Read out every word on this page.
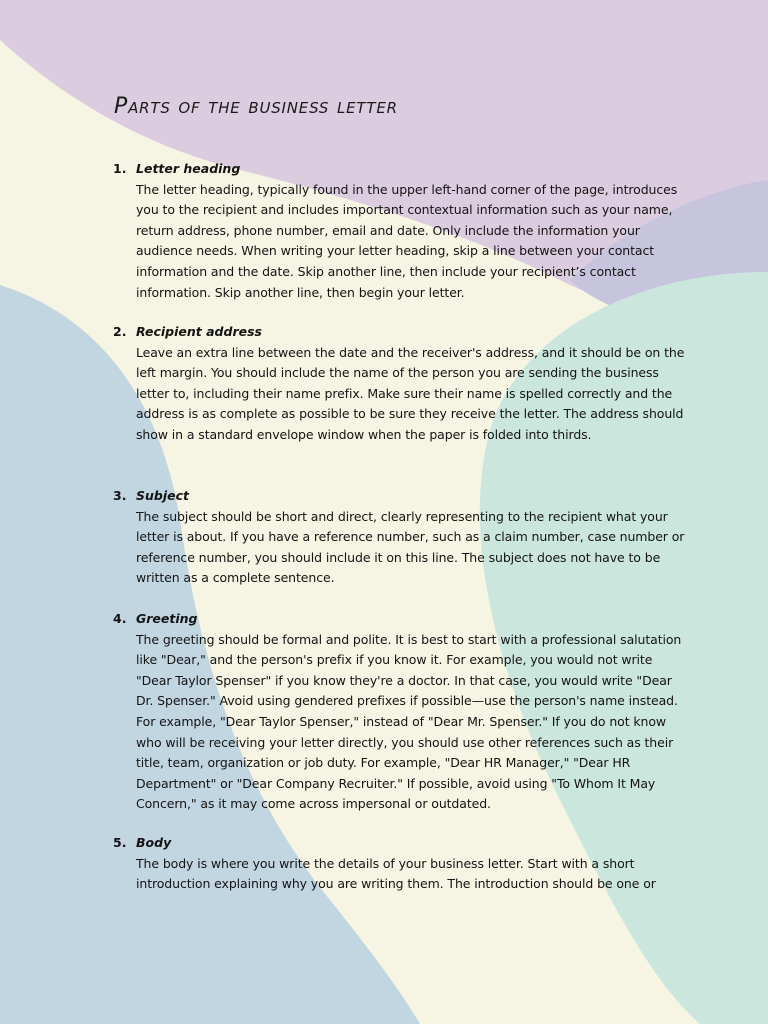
Parts of the business letter
1. Letter heading
The letter heading, typically found in the upper left-hand corner of the page, introduces
you to the recipient and includes important contextual information such as your name,
return address, phone number, email and date. Only include the information your
audience needs. When writing your letter heading, skip a line between your contact
information and the date. Skip another line, then include your recipient’s contact
information. Skip another line, then begin your letter.
2. Recipient address
Leave an extra line between the date and the receiver's address, and it should be on the
left margin. You should include the name of the person you are sending the business
letter to, including their name prefix. Make sure their name is spelled correctly and the
address is as complete as possible to be sure they receive the letter. The address should
show in a standard envelope window when the paper is folded into thirds.
3. Subject
The subject should be short and direct, clearly representing to the recipient what your
letter is about. If you have a reference number, such as a claim number, case number or
reference number, you should include it on this line. The subject does not have to be
written as a complete sentence.
4. Greeting
The greeting should be formal and polite. It is best to start with a professional salutation
like "Dear," and the person's prefix if you know it. For example, you would not write
"Dear Taylor Spenser" if you know they're a doctor. In that case, you would write "Dear
Dr. Spenser." Avoid using gendered prefixes if possible—use the person's name instead.
For example, "Dear Taylor Spenser," instead of "Dear Mr. Spenser." If you do not know
who will be receiving your letter directly, you should use other references such as their
title, team, organization or job duty. For example, "Dear HR Manager," "Dear HR
Department" or "Dear Company Recruiter." If possible, avoid using "To Whom It May
Concern," as it may come across impersonal or outdated.
5. Body
The body is where you write the details of your business letter. Start with a short
introduction explaining why you are writing them. The introduction should be one or
